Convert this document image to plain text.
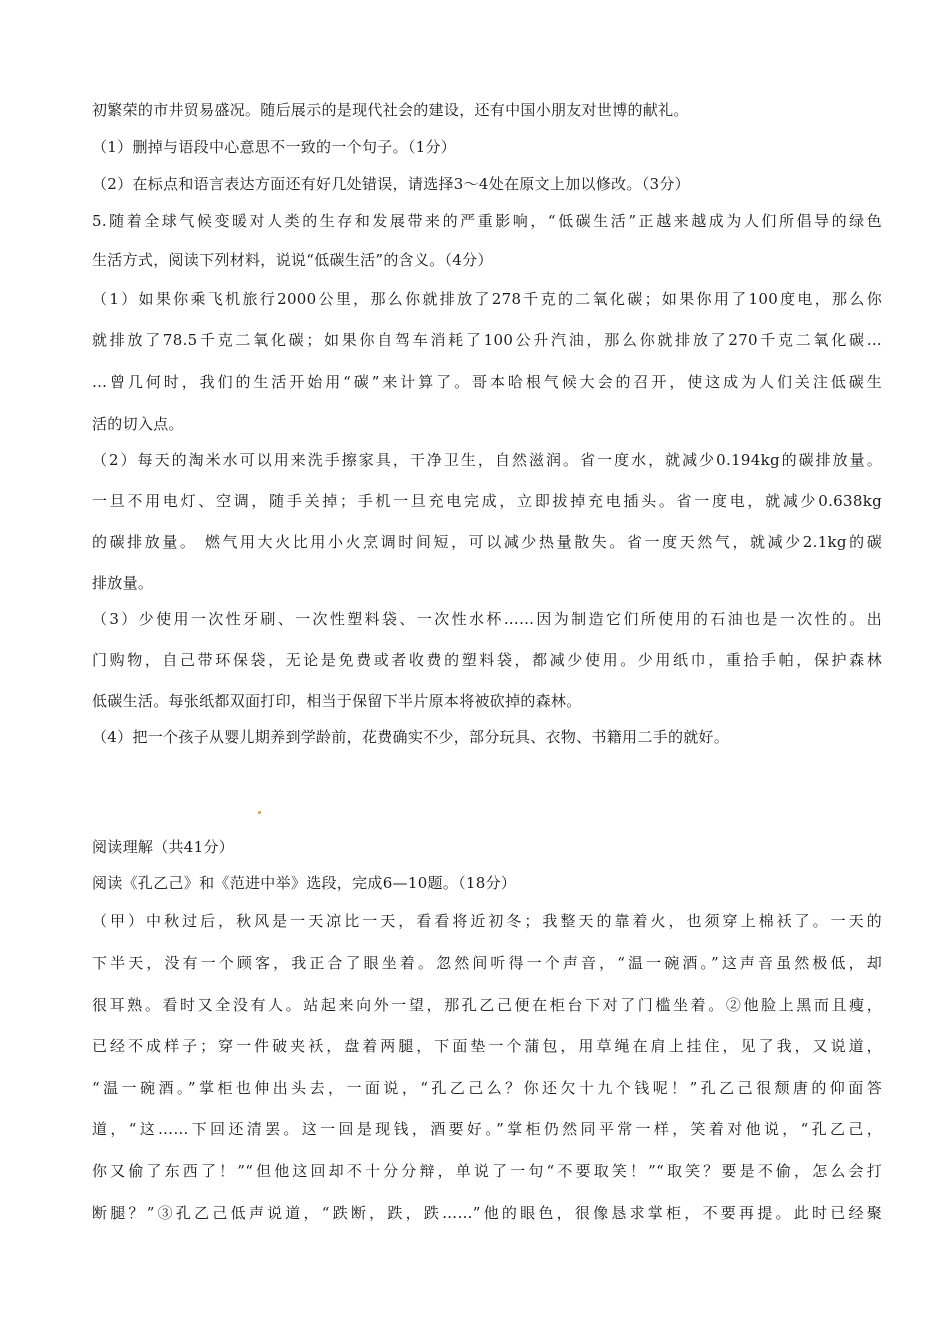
初繁荣的市井贸易盛况。随后展示的是现代社会的建设，还有中国小朋友对世博的献礼。
（1）删掉与语段中心意思不一致的一个句子。（1分）
（2）在标点和语言表达方面还有好几处错误，请选择3～4处在原文上加以修改。（3分）
5.随着全球气候变暖对人类的生存和发展带来的严重影响，“低碳生活”正越来越成为人们所倡导的绿色
生活方式，阅读下列材料，说说“低碳生活”的含义。（4分）
（1）如果你乘飞机旅行2000公里，那么你就排放了278千克的二氧化碳；如果你用了100度电，那么你
就排放了78.5千克二氧化碳；如果你自驾车消耗了100公升汽油，那么你就排放了270千克二氧化碳…
…曾几何时，我们的生活开始用“碳”来计算了。哥本哈根气候大会的召开，使这成为人们关注低碳生
活的切入点。
（2）每天的淘米水可以用来洗手擦家具，干净卫生，自然滋润。省一度水，就减少0.194kg的碳排放量。
一旦不用电灯、空调，随手关掉；手机一旦充电完成，立即拔掉充电插头。省一度电，就减少0.638kg
的碳排放量。 燃气用大火比用小火烹调时间短，可以减少热量散失。省一度天然气，就减少2.1kg的碳
排放量。
（3）少使用一次性牙刷、一次性塑料袋、一次性水杯……因为制造它们所使用的石油也是一次性的。出
门购物，自己带环保袋，无论是免费或者收费的塑料袋，都减少使用。少用纸巾，重拾手帕，保护森林
低碳生活。每张纸都双面打印，相当于保留下半片原本将被砍掉的森林。
（4）把一个孩子从婴儿期养到学龄前，花费确实不少，部分玩具、衣物、书籍用二手的就好。
阅读理解（共41分）
阅读《孔乙己》和《范进中举》选段，完成6—10题。（18分）
（甲）中秋过后，秋风是一天凉比一天，看看将近初冬；我整天的靠着火，也须穿上棉袄了。一天的
下半天，没有一个顾客，我正合了眼坐着。忽然间听得一个声音，“温一碗酒。”这声音虽然极低，却
很耳熟。看时又全没有人。站起来向外一望，那孔乙己便在柜台下对了门槛坐着。②他脸上黑而且瘦，
已经不成样子；穿一件破夹袄，盘着两腿，下面垫一个蒲包，用草绳在肩上挂住，见了我，又说道，
“温一碗酒。”掌柜也伸出头去，一面说，“孔乙己么？你还欠十九个钱呢！”孔乙己很颓唐的仰面答
道，“这……下回还清罢。这一回是现钱，酒要好。”掌柜仍然同平常一样，笑着对他说，“孔乙己，
你又偷了东西了！”“但他这回却不十分分辩，单说了一句“不要取笑！”“取笑？要是不偷，怎么会打
断腿？”③孔乙己低声说道，“跌断，跌，跌……”他的眼色，很像恳求掌柜，不要再提。此时已经聚
